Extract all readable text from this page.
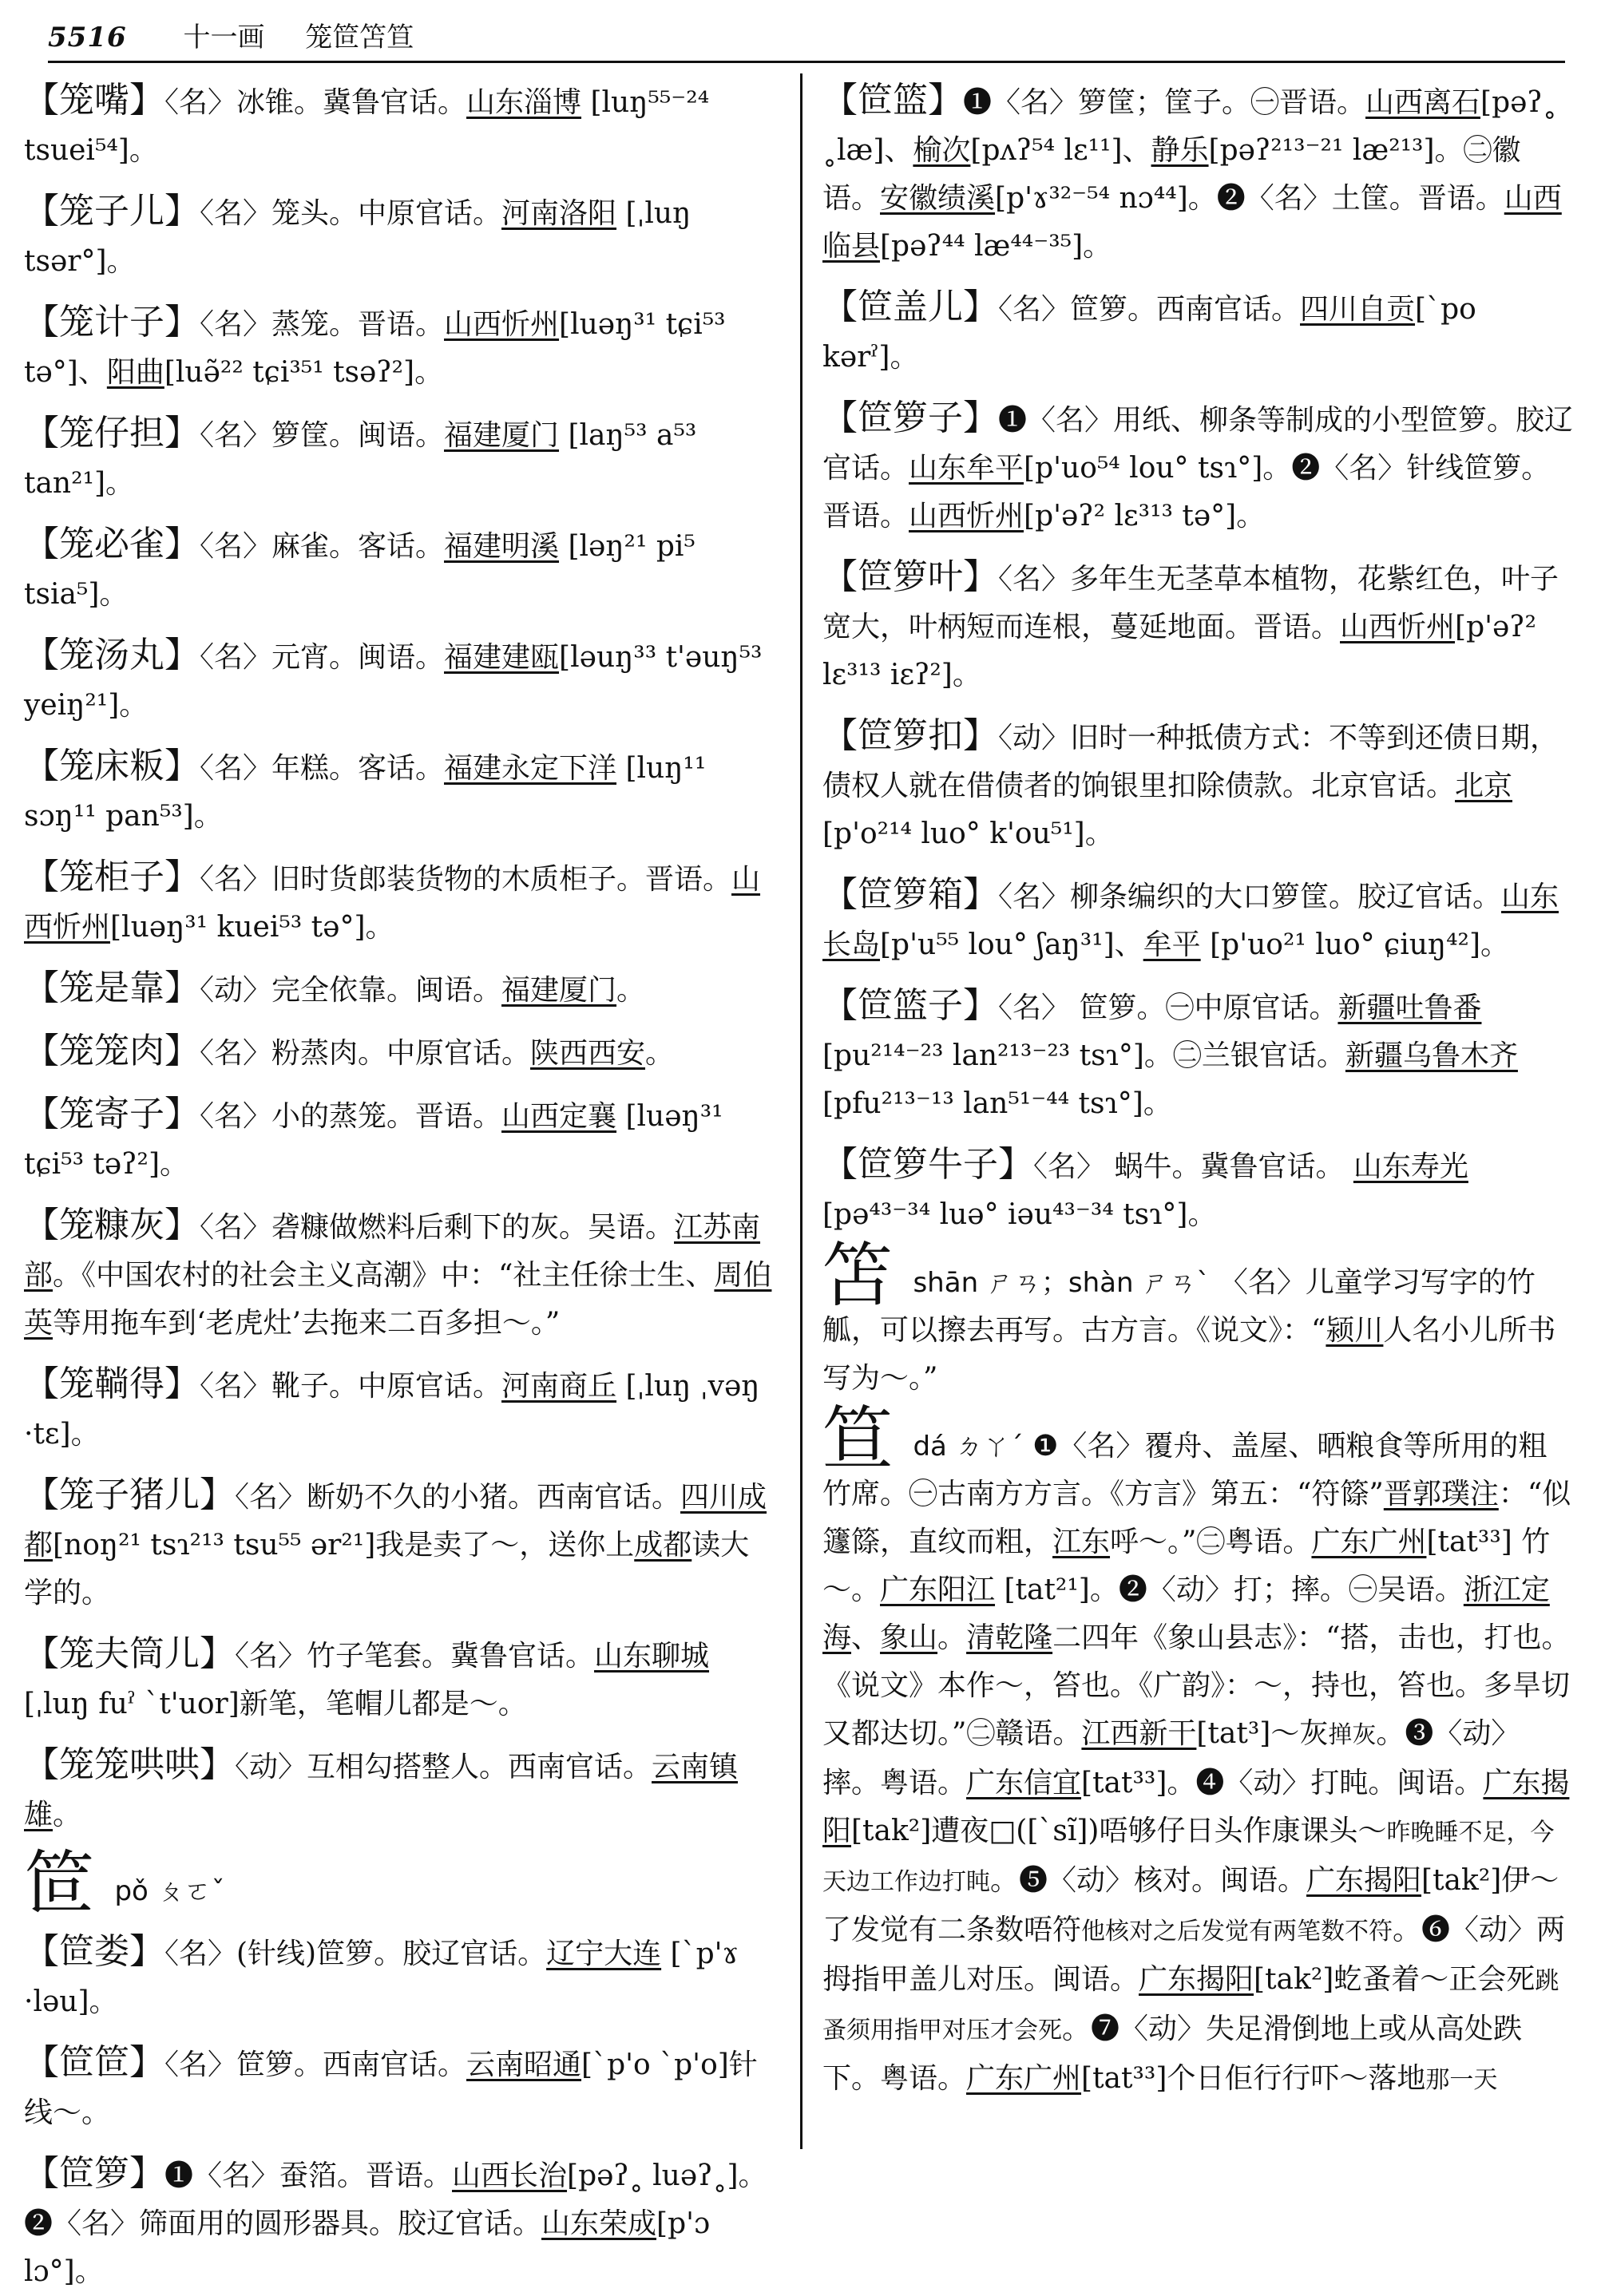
5516 十一画 笼笸笘笪
【笼嘴】〈名〉冰锥。冀鲁官话。山东淄博 [luŋ⁵⁵⁻²⁴ tsuei⁵⁴]。
【笼子儿】〈名〉笼头。中原官话。河南洛阳 [ˌluŋ tsər°]。
【笼计子】〈名〉蒸笼。晋语。山西忻州[luəŋ³¹ tɕi⁵³ tə°]、阳曲[luə̃²² tɕi³⁵¹ tsəʔ²]。
【笼仔担】〈名〉箩筐。闽语。福建厦门 [laŋ⁵³ a⁵³ tan²¹]。
【笼必雀】〈名〉麻雀。客话。福建明溪 [ləŋ²¹ pi⁵ tsia⁵]。
【笼汤丸】〈名〉元宵。闽语。福建建瓯[ləuŋ³³ t'əuŋ⁵³ yeiŋ²¹]。
【笼床粄】〈名〉年糕。客话。福建永定下洋 [luŋ¹¹ sɔŋ¹¹ pan⁵³]。
【笼柜子】〈名〉旧时货郎装货物的木质柜子。晋语。山西忻州[luəŋ³¹ kuei⁵³ tə°]。
【笼是靠】〈动〉完全依靠。闽语。福建厦门。
【笼笼肉】〈名〉粉蒸肉。中原官话。陕西西安。
【笼寄子】〈名〉小的蒸笼。晋语。山西定襄 [luəŋ³¹ tɕi⁵³ təʔ²]。
【笼糠灰】〈名〉砻糠做燃料后剩下的灰。吴语。江苏南部。《中国农村的社会主义高潮》中：“社主任徐士生、周伯英等用拖车到‘老虎灶’去拖来二百多担～。”
【笼鞝得】〈名〉靴子。中原官话。河南商丘 [ˌluŋ ˌvəŋ ·tɛ]。
【笼子猪儿】〈名〉断奶不久的小猪。西南官话。四川成都[noŋ²¹ tsɿ²¹³ tsu⁵⁵ ər²¹]我是卖了～，送你上成都读大学的。
【笼夫筒儿】〈名〉竹子笔套。冀鲁官话。山东聊城 [ˌluŋ fuˀ ˋt'uor]新笔，笔帽儿都是～。
【笼笼哄哄】〈动〉互相勾搭整人。西南官话。云南镇雄。
笸 pǒ ㄆㄛˇ
【笸娄】〈名〉(针线)笸箩。胶辽官话。辽宁大连 [ˋp'ɤ ·ləu]。
【笸笸】〈名〉笸箩。西南官话。云南昭通[ˋp'o ˋp'o]针线～。
【笸箩】❶〈名〉蚕箔。晋语。山西长治[pəʔ˳ luəʔ˳]。❷〈名〉筛面用的圆形器具。胶辽官话。山东荣成[p'ɔ lɔ°]。
【笸篮】❶〈名〉箩筐；筐子。㊀晋语。山西离石[pəʔ˳ ˳læ]、榆次[pʌʔ⁵⁴ lɛ¹¹]、静乐[pəʔ²¹³⁻²¹ læ²¹³]。㊁徽语。安徽绩溪[p'ɤ³²⁻⁵⁴ nɔ⁴⁴]。❷〈名〉土筐。晋语。山西临县[pəʔ⁴⁴ læ⁴⁴⁻³⁵]。
【笸盖儿】〈名〉笸箩。西南官话。四川自贡[ˋpo kərˀ]。
【笸箩子】❶〈名〉用纸、柳条等制成的小型笸箩。胶辽官话。山东牟平[p'uo⁵⁴ lou° tsɿ°]。❷〈名〉针线笸箩。晋语。山西忻州[p'əʔ² lɛ³¹³ tə°]。
【笸箩叶】〈名〉多年生无茎草本植物，花紫红色，叶子宽大，叶柄短而连根，蔓延地面。晋语。山西忻州[p'əʔ² lɛ³¹³ iɛʔ²]。
【笸箩扣】〈动〉旧时一种抵债方式：不等到还债日期，债权人就在借债者的饷银里扣除债款。北京官话。北京[p'o²¹⁴ luo° k'ou⁵¹]。
【笸箩箱】〈名〉柳条编织的大口箩筐。胶辽官话。山东长岛[p'u⁵⁵ lou° ʃaŋ³¹]、牟平 [p'uo²¹ luo° ɕiuŋ⁴²]。
【笸篮子】〈名〉 笸箩。㊀中原官话。新疆吐鲁番[pu²¹⁴⁻²³ lan²¹³⁻²³ tsɿ°]。㊁兰银官话。新疆乌鲁木齐[pfu²¹³⁻¹³ lan⁵¹⁻⁴⁴ tsɿ°]。
【笸箩牛子】〈名〉 蜗牛。冀鲁官话。 山东寿光[pə⁴³⁻³⁴ luə° iəu⁴³⁻³⁴ tsɿ°]。
笘 shān ㄕㄢ；shàn ㄕㄢˋ 〈名〉儿童学习写字的竹觚，可以擦去再写。古方言。《说文》：“颍川人名小儿所书写为～。”
笪 dá ㄉㄚˊ ❶〈名〉覆舟、盖屋、晒粮食等所用的粗竹席。㊀古南方方言。《方言》第五：“符篨”晋郭璞注：“似籧篨，直纹而粗，江东呼～。”㊁粤语。广东广州[tat³³] 竹～。广东阳江 [tat²¹]。❷〈动〉打；摔。㊀吴语。浙江定海、象山。清乾隆二四年《象山县志》：“搭，击也，打也。《说文》本作～，笞也。《广韵》：～，持也，笞也。多旱切又都达切。”㊁赣语。江西新干[tat³]～灰掸灰。❸〈动〉摔。粤语。广东信宜[tat³³]。❹〈动〉打盹。闽语。广东揭阳[tak²]遭夜□([ˋsĩ])唔够仔日头作康课头～昨晚睡不足，今天边工作边打盹。❺〈动〉核对。闽语。广东揭阳[tak²]伊～了发觉有二条数唔符他核对之后发觉有两笔数不符。❻〈动〉两拇指甲盖儿对压。闽语。广东揭阳[tak²]虼蚤着～正会死跳蚤须用指甲对压才会死。❼〈动〉失足滑倒地上或从高处跌下。粤语。广东广州[tat³³]个日佢行行吓～落地那一天
